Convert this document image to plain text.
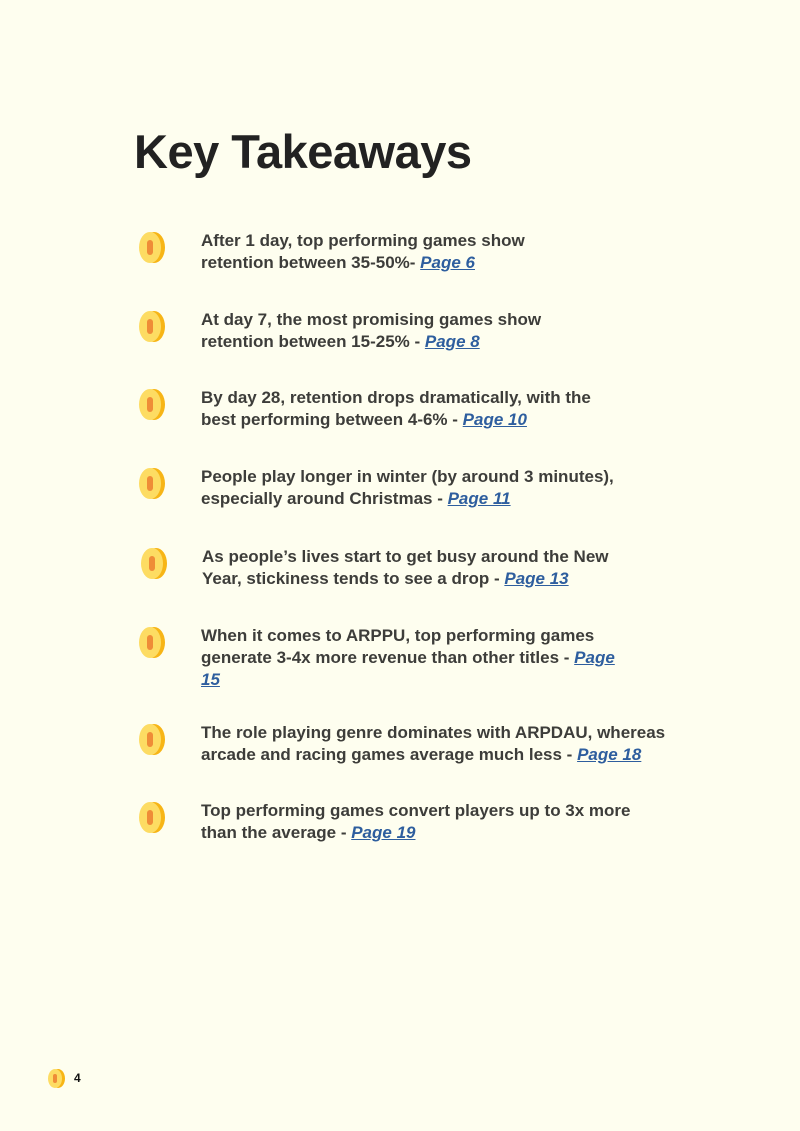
Key Takeaways
After 1 day, top performing games show retention between 35-50%- Page 6
At day 7, the most promising games show retention between 15-25% - Page 8
By day 28, retention drops dramatically, with the best performing between 4-6% - Page 10
People play longer in winter (by around 3 minutes), especially around Christmas - Page 11
As people’s lives start to get busy around the New Year, stickiness tends to see a drop - Page 13
When it comes to ARPPU, top performing games generate 3-4x more revenue than other titles - Page 15
The role playing genre dominates with ARPDAU, whereas arcade and racing games average much less - Page 18
Top performing games convert players up to 3x more than the average - Page 19
4
